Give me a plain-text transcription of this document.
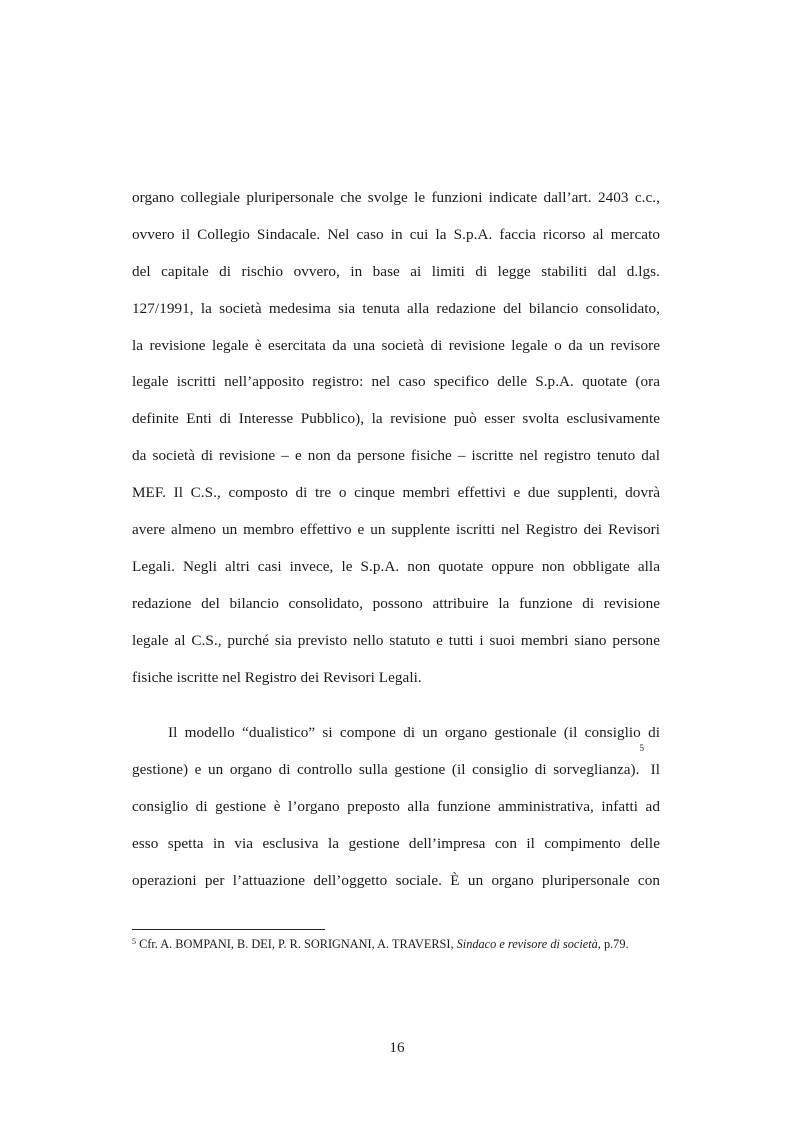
organo collegiale pluripersonale che svolge le funzioni indicate dall’art. 2403 c.c.,
ovvero il Collegio Sindacale. Nel caso in cui la S.p.A. faccia ricorso al mercato
del capitale di rischio ovvero, in base ai limiti di legge stabiliti dal d.lgs.
127/1991, la società medesima sia tenuta alla redazione del bilancio consolidato,
la revisione legale è esercitata da una società di revisione legale o da un revisore
legale iscritti nell’apposito registro: nel caso specifico delle S.p.A. quotate (ora
definite Enti di Interesse Pubblico), la revisione può esser svolta esclusivamente
da società di revisione – e non da persone fisiche – iscritte nel registro tenuto dal
MEF. Il C.S., composto di tre o cinque membri effettivi e due supplenti, dovrà
avere almeno un membro effettivo e un supplente iscritti nel Registro dei Revisori
Legali. Negli altri casi invece, le S.p.A. non quotate oppure non obbligate alla
redazione del bilancio consolidato, possono attribuire la funzione di revisione
legale al C.S., purché sia previsto nello statuto e tutti i suoi membri siano persone
fisiche iscritte nel Registro dei Revisori Legali.
Il modello “dualistico” si compone di un organo gestionale (il consiglio di
gestione) e un organo di controllo sulla gestione (il consiglio di sorveglianza).$^5$ Il
consiglio di gestione è l’organo preposto alla funzione amministrativa, infatti ad
esso spetta in via esclusiva la gestione dell’impresa con il compimento delle
operazioni per l’attuazione dell’oggetto sociale. È un organo pluripersonale con
$^5$ Cfr. A. BOMPANI, B. DEI, P. R. SORIGNANI, A. TRAVERSI, Sindaco e revisore di società, p.79.
16
